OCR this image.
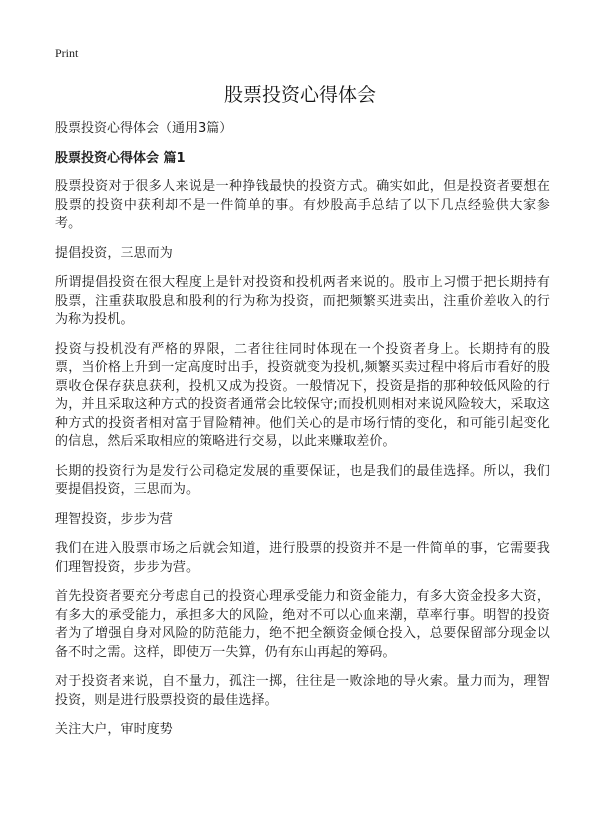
Print
股票投资心得体会

股票投资心得体会（通用3篇）

股票投资心得体会 篇1

股票投资对于很多人来说是一种挣钱最快的投资方式。确实如此，但是投资者要想在股票的投资中获利却不是一件简单的事。有炒股高手总结了以下几点经验供大家参考。

提倡投资，三思而为

所谓提倡投资在很大程度上是针对投资和投机两者来说的。股市上习惯于把长期持有股票，注重获取股息和股利的行为称为投资，而把频繁买进卖出，注重价差收入的行为称为投机。

投资与投机没有严格的界限，二者往往同时体现在一个投资者身上。长期持有的股票，当价格上升到一定高度时出手，投资就变为投机,频繁买卖过程中将后市看好的股票收仓保存获息获利，投机又成为投资。一般情况下，投资是指的那种较低风险的行为，并且采取这种方式的投资者通常会比较保守;而投机则相对来说风险较大，采取这种方式的投资者相对富于冒险精神。他们关心的是市场行情的变化，和可能引起变化的信息，然后采取相应的策略进行交易，以此来赚取差价。

长期的投资行为是发行公司稳定发展的重要保证，也是我们的最佳选择。所以，我们要提倡投资，三思而为。

理智投资，步步为营

我们在进入股票市场之后就会知道，进行股票的投资并不是一件简单的事，它需要我们理智投资，步步为营。

首先投资者要充分考虑自己的投资心理承受能力和资金能力，有多大资金投多大资，有多大的承受能力，承担多大的风险，绝对不可以心血来潮，草率行事。明智的投资者为了增强自身对风险的防范能力，绝不把全额资金倾仓投入，总要保留部分现金以备不时之需。这样，即使万一失算，仍有东山再起的筹码。

对于投资者来说，自不量力，孤注一掷，往往是一败涂地的导火索。量力而为，理智投资，则是进行股票投资的最佳选择。

关注大户，审时度势
